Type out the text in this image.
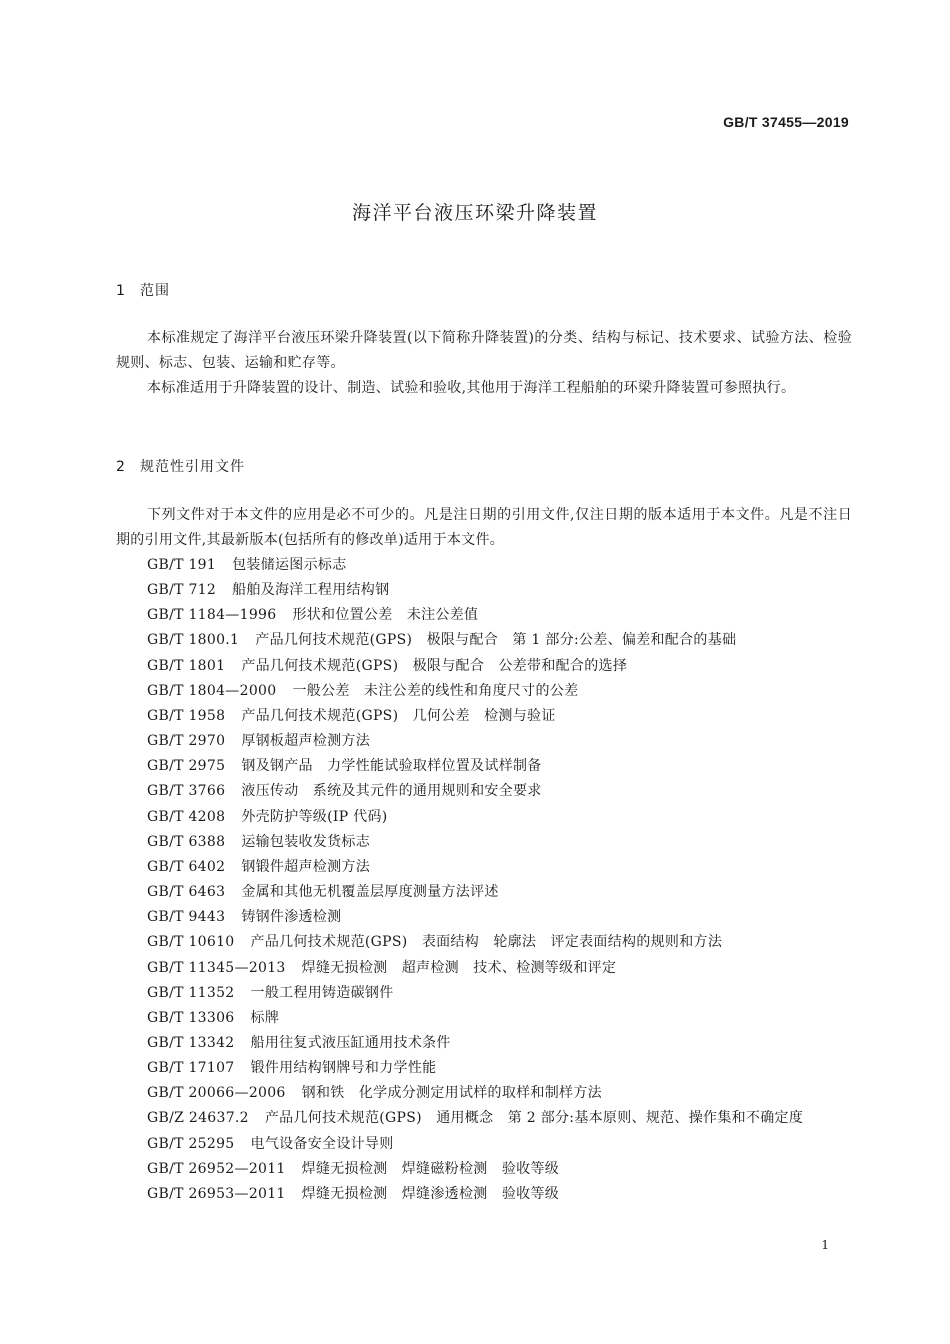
GB/T 37455—2019
海洋平台液压环梁升降装置
1 范围

本标准规定了海洋平台液压环梁升降装置(以下简称升降装置)的分类、结构与标记、技术要求、试验方法、检验规则、标志、包装、运输和贮存等。

本标准适用于升降装置的设计、制造、试验和验收,其他用于海洋工程船舶的环梁升降装置可参照执行。

2 规范性引用文件

下列文件对于本文件的应用是必不可少的。凡是注日期的引用文件,仅注日期的版本适用于本文件。凡是不注日期的引用文件,其最新版本(包括所有的修改单)适用于本文件。

GB/T 191 包装储运图示标志
GB/T 712 船舶及海洋工程用结构钢
GB/T 1184—1996 形状和位置公差　未注公差值
GB/T 1800.1 产品几何技术规范(GPS)　极限与配合　第 1 部分:公差、偏差和配合的基础
GB/T 1801 产品几何技术规范(GPS)　极限与配合　公差带和配合的选择
GB/T 1804—2000 一般公差　未注公差的线性和角度尺寸的公差
GB/T 1958 产品几何技术规范(GPS)　几何公差　检测与验证
GB/T 2970 厚钢板超声检测方法
GB/T 2975 钢及钢产品　力学性能试验取样位置及试样制备
GB/T 3766 液压传动　系统及其元件的通用规则和安全要求
GB/T 4208 外壳防护等级(IP 代码)
GB/T 6388 运输包装收发货标志
GB/T 6402 钢锻件超声检测方法
GB/T 6463 金属和其他无机覆盖层厚度测量方法评述
GB/T 9443 铸钢件渗透检测
GB/T 10610 产品几何技术规范(GPS)　表面结构　轮廓法　评定表面结构的规则和方法
GB/T 11345—2013 焊缝无损检测　超声检测　技术、检测等级和评定
GB/T 11352 一般工程用铸造碳钢件
GB/T 13306 标牌
GB/T 13342 船用往复式液压缸通用技术条件
GB/T 17107 锻件用结构钢牌号和力学性能
GB/T 20066—2006 钢和铁　化学成分测定用试样的取样和制样方法
GB/Z 24637.2 产品几何技术规范(GPS)　通用概念　第 2 部分:基本原则、规范、操作集和不确定度
GB/T 25295 电气设备安全设计导则
GB/T 26952—2011 焊缝无损检测　焊缝磁粉检测　验收等级
GB/T 26953—2011 焊缝无损检测　焊缝渗透检测　验收等级
1
